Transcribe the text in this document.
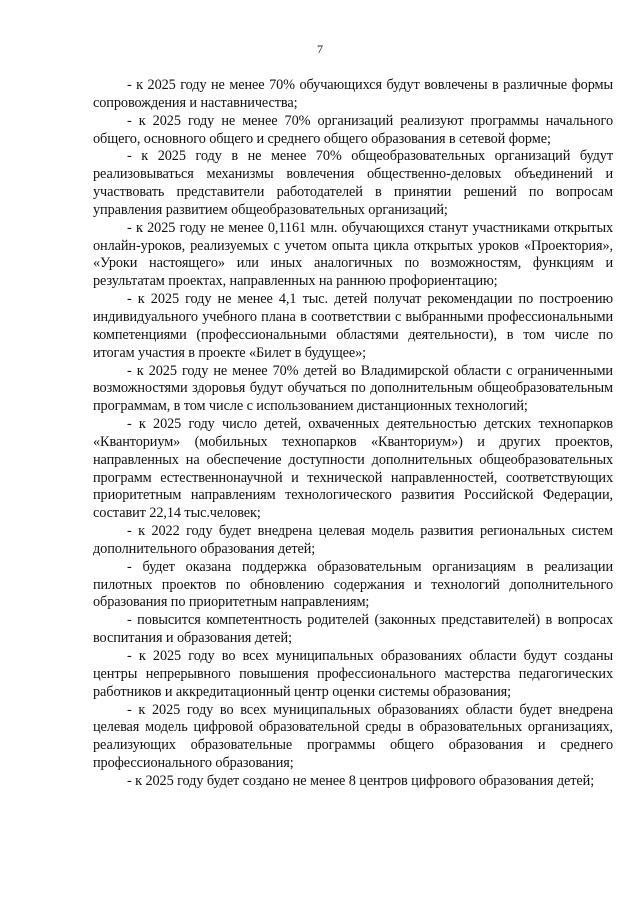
7

- к 2025 году не менее 70% обучающихся будут вовлечены в различные формы сопровождения и наставничества;

- к 2025 году не менее 70% организаций реализуют программы начального общего, основного общего и среднего общего образования в сетевой форме;

- к 2025 году в не менее 70% общеобразовательных организаций будут реализовываться механизмы вовлечения общественно-деловых объединений и участвовать представители работодателей в принятии решений по вопросам управления развитием общеобразовательных организаций;

- к 2025 году не менее 0,1161 млн. обучающихся станут участниками открытых онлайн-уроков, реализуемых с учетом опыта цикла открытых уроков «Проектория», «Уроки настоящего» или иных аналогичных по возможностям, функциям и результатам проектах, направленных на раннюю профориентацию;

- к 2025 году не менее 4,1 тыс. детей получат рекомендации по построению индивидуального учебного плана в соответствии с выбранными профессиональными компетенциями (профессиональными областями деятельности), в том числе по итогам участия в проекте «Билет в будущее»;

- к 2025 году не менее 70% детей во Владимирской области с ограниченными возможностями здоровья будут обучаться по дополнительным общеобразовательным программам, в том числе с использованием дистанционных технологий;

- к 2025 году число детей, охваченных деятельностью детских технопарков «Кванториум» (мобильных технопарков «Кванториум») и других проектов, направленных на обеспечение доступности дополнительных общеобразовательных программ естественнонаучной и технической направленностей, соответствующих приоритетным направлениям технологического развития Российской Федерации, составит 22,14 тыс.человек;

- к 2022 году будет внедрена целевая модель развития региональных систем дополнительного образования детей;

- будет оказана поддержка образовательным организациям в реализации пилотных проектов по обновлению содержания и технологий дополнительного образования по приоритетным направлениям;

- повысится компетентность родителей (законных представителей) в вопросах воспитания и образования детей;

- к 2025 году во всех муниципальных образованиях области будут созданы центры непрерывного повышения профессионального мастерства педагогических работников и аккредитационный центр оценки системы образования;

- к 2025 году во всех муниципальных образованиях области будет внедрена целевая модель цифровой образовательной среды в образовательных организациях, реализующих образовательные программы общего образования и среднего профессионального образования;

- к 2025 году будет создано не менее 8 центров цифрового образования детей;
